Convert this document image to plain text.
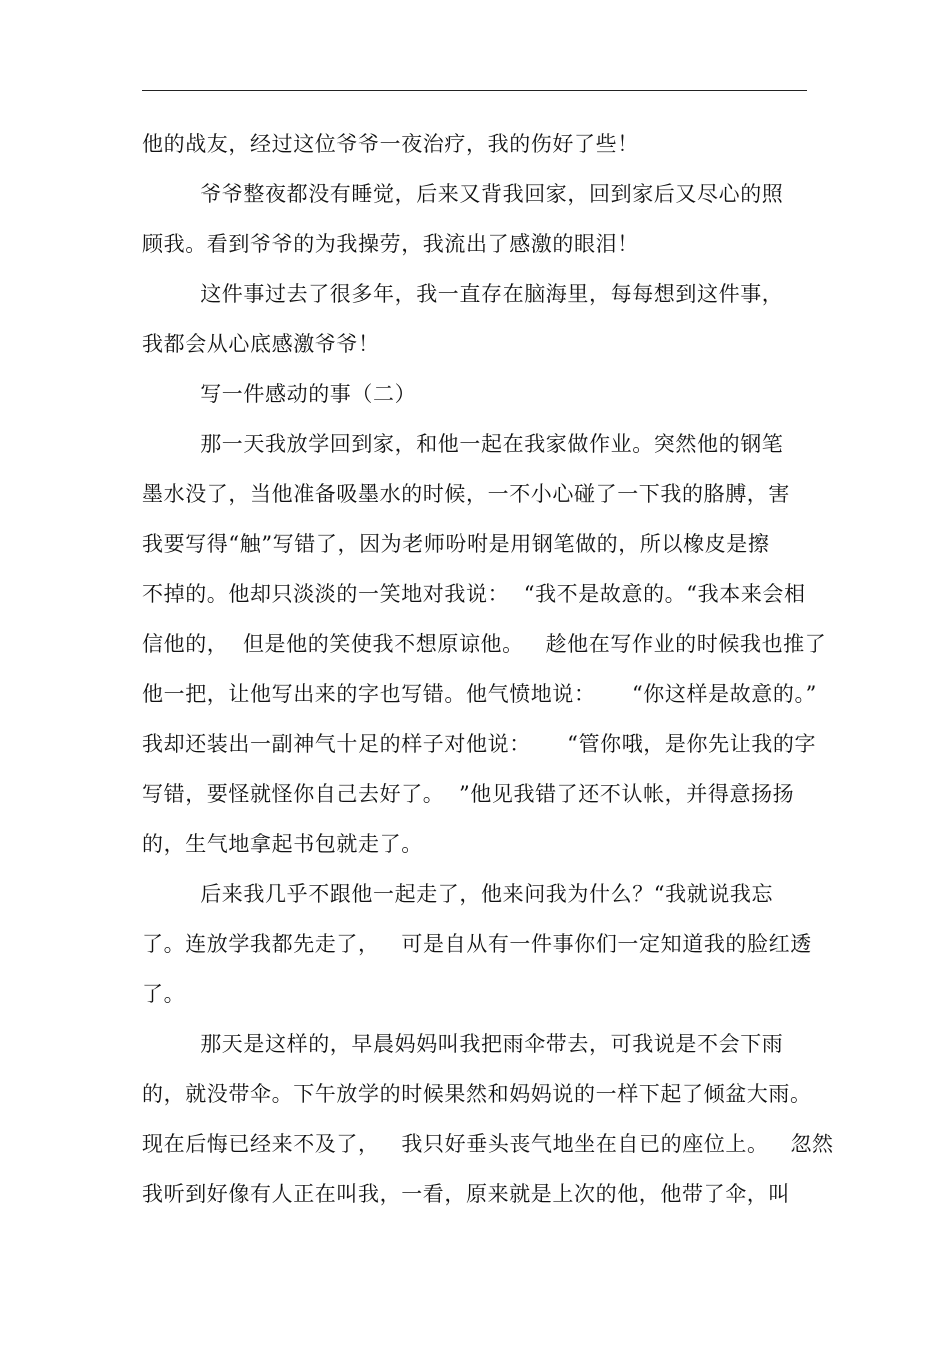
他的战友，经过这位爷爷一夜治疗，我的伤好了些！
爷爷整夜都没有睡觉，后来又背我回家，回到家后又尽心的照
顾我。看到爷爷的为我操劳，我流出了感激的眼泪！
这件事过去了很多年，我一直存在脑海里，每每想到这件事，
我都会从心底感激爷爷！
写一件感动的事（二）
那一天我放学回到家，和他一起在我家做作业。突然他的钢笔
墨水没了，当他准备吸墨水的时候，一不小心碰了一下我的胳膊，害
我要写得“触”写错了，因为老师吩咐是用钢笔做的，所以橡皮是擦
不掉的。他却只淡淡的一笑地对我说：  “我不是故意的。“我本来会相
信他的，  但是他的笑使我不想原谅他。   趁他在写作业的时候我也推了
他一把，让他写出来的字也写错。他气愤地说：     “你这样是故意的。”
我却还装出一副神气十足的样子对他说：     “管你哦，是你先让我的字
写错，要怪就怪你自己去好了。  ”他见我错了还不认帐，并得意扬扬
的，生气地拿起书包就走了。
后来我几乎不跟他一起走了，他来问我为什么？“我就说我忘
了。连放学我都先走了，   可是自从有一件事你们一定知道我的脸红透
了。
那天是这样的，早晨妈妈叫我把雨伞带去，可我说是不会下雨
的，就没带伞。下午放学的时候果然和妈妈说的一样下起了倾盆大雨。
现在后悔已经来不及了，   我只好垂头丧气地坐在自已的座位上。   忽然
我听到好像有人正在叫我，一看，原来就是上次的他，他带了伞，叫
